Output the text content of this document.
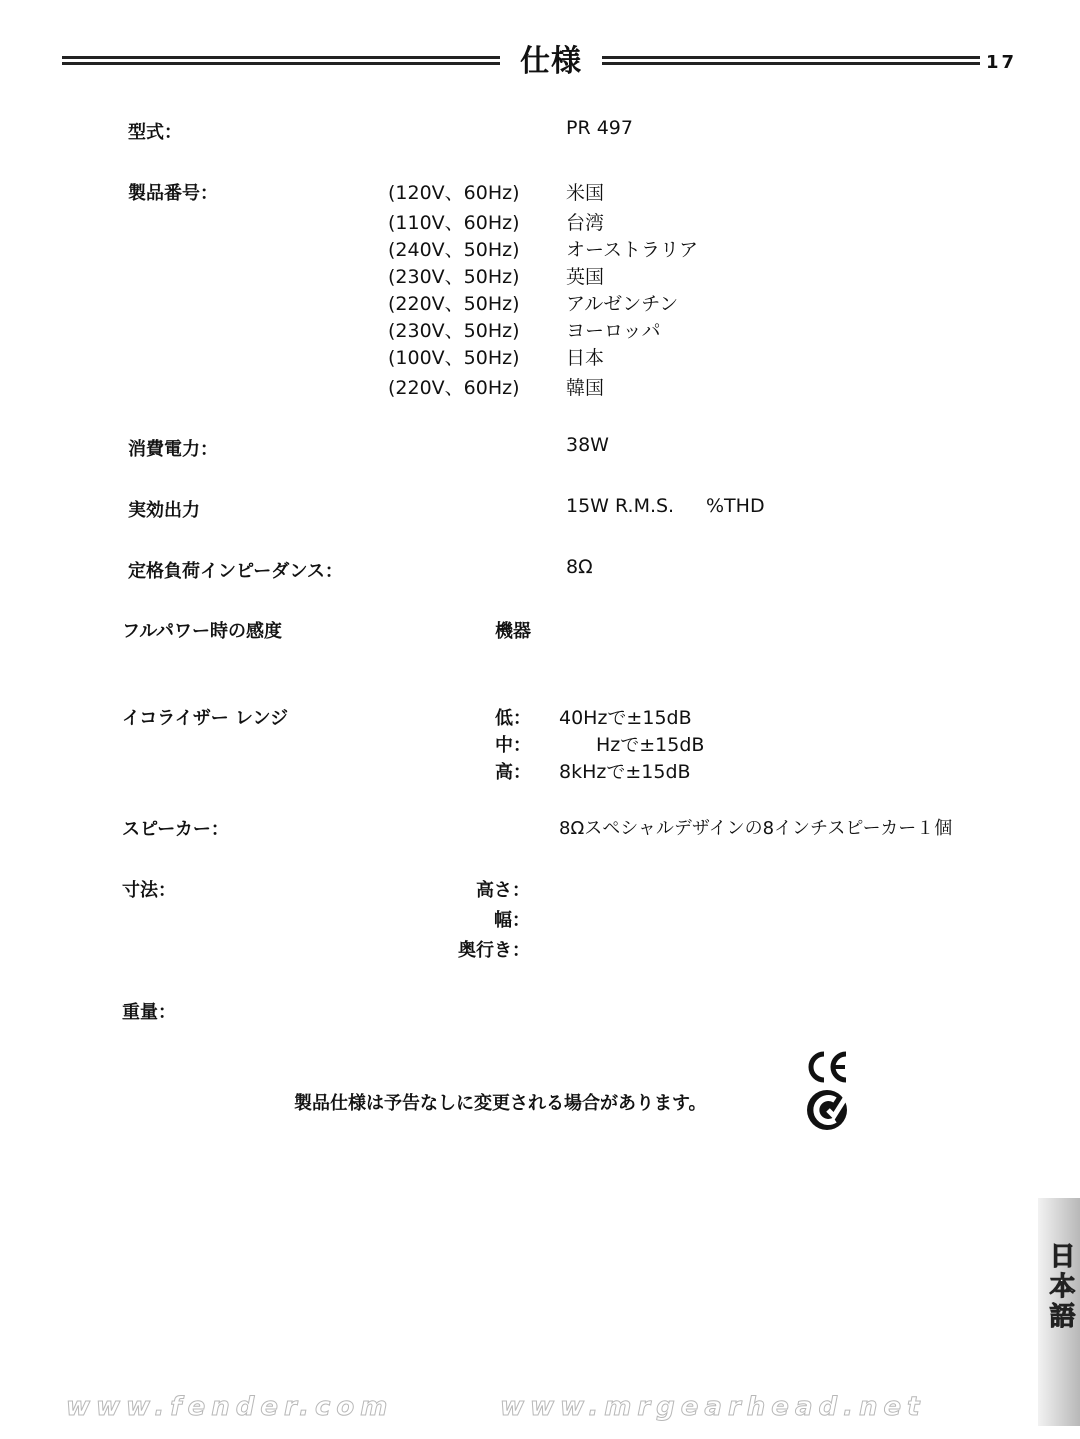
仕様	17
型式：	PR 497
製品番号：	(120V、60Hz) 米国
(110V、60Hz) 台湾
(240V、50Hz) オーストラリア
(230V、50Hz) 英国
(220V、50Hz) アルゼンチン
(230V、50Hz) ヨーロッパ
(100V、50Hz) 日本
(220V、60Hz) 韓国
消費電力：	38W
実効出力	15W R.M.S. %THD
定格負荷インピーダンス：	8Ω
フルパワー時の感度	機器
イコライザー レンジ	低： 40Hzで±15dB
中：	Hzで±15dB
高： 8kHzで±15dB
スピーカー：	8Ωスペシャルデザインの8インチスピーカー１個
寸法：	高さ：
幅：
奥行き：
重量：
製品仕様は予告なしに変更される場合があります。
日本語
www.fender.com	www.mrgearhead.net
